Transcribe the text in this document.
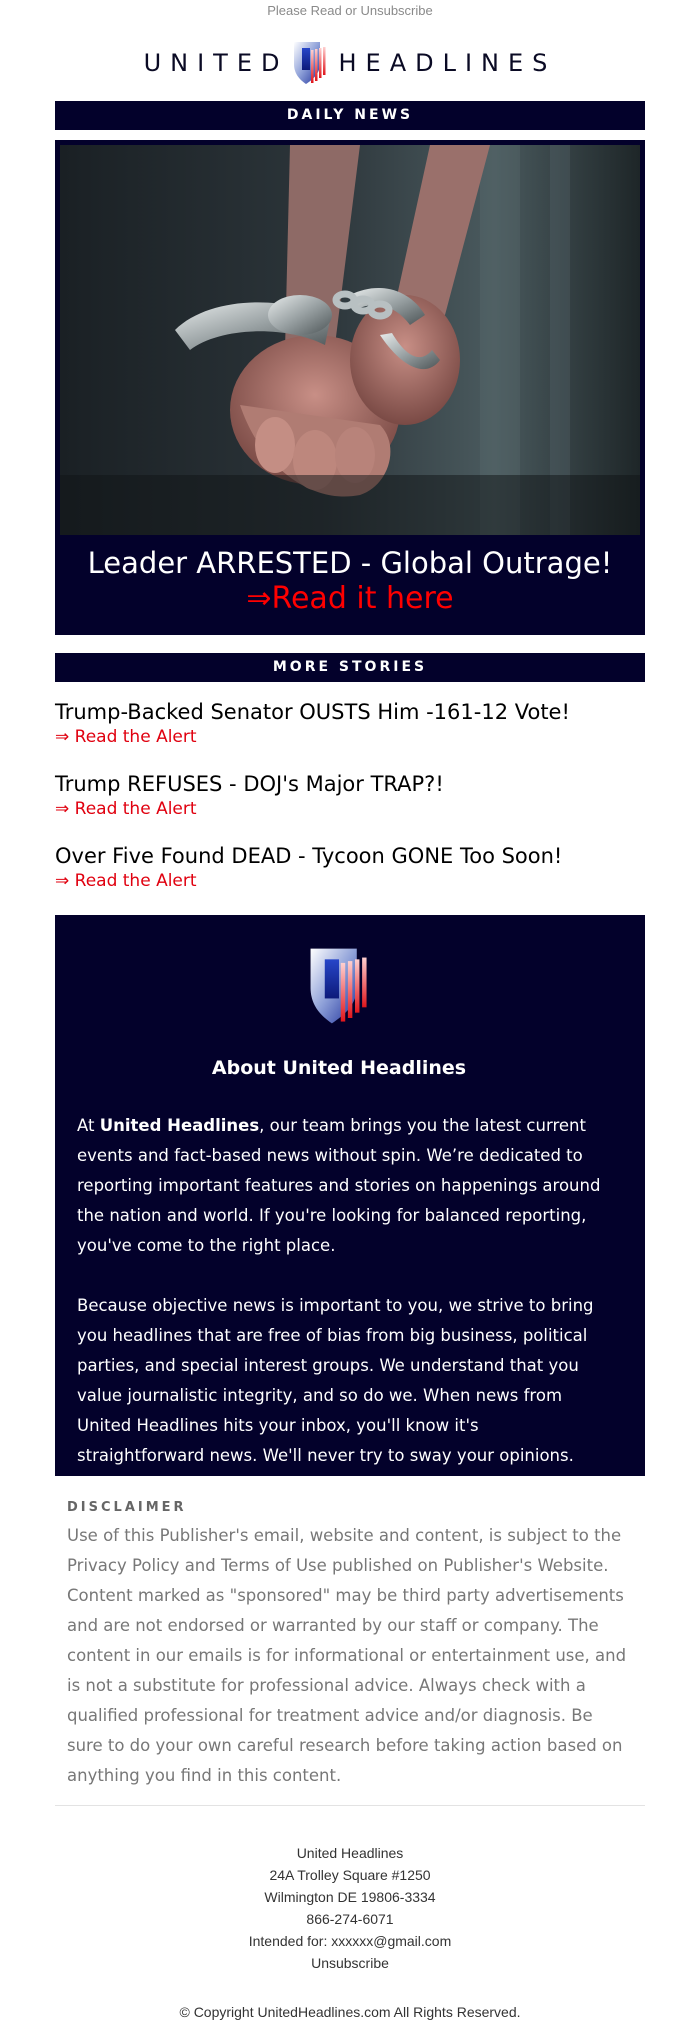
Please Read or Unsubscribe
UNITED HEADLINES
DAILY NEWS
Leader ARRESTED - Global Outrage!
⇒Read it here
MORE STORIES
Trump-Backed Senator OUSTS Him -161-12 Vote!
⇒ Read the Alert
Trump REFUSES - DOJ's Major TRAP?!
⇒ Read the Alert
Over Five Found DEAD - Tycoon GONE Too Soon!
⇒ Read the Alert
About United Headlines

At United Headlines, our team brings you the latest current events and fact-based news without spin. We’re dedicated to reporting important features and stories on happenings around the nation and world. If you're looking for balanced reporting, you've come to the right place.

Because objective news is important to you, we strive to bring you headlines that are free of bias from big business, political parties, and special interest groups. We understand that you value journalistic integrity, and so do we. When news from United Headlines hits your inbox, you'll know it's straightforward news. We'll never try to sway your opinions.

DISCLAIMER
Use of this Publisher's email, website and content, is subject to the Privacy Policy and Terms of Use published on Publisher's Website. Content marked as "sponsored" may be third party advertisements and are not endorsed or warranted by our staff or company. The content in our emails is for informational or entertainment use, and is not a substitute for professional advice. Always check with a qualified professional for treatment advice and/or diagnosis. Be sure to do your own careful research before taking action based on anything you find in this content.
United Headlines
24A Trolley Square #1250
Wilmington DE 19806-3334
866-274-6071
Intended for: xxxxxx@gmail.com
Unsubscribe
© Copyright UnitedHeadlines.com All Rights Reserved.
